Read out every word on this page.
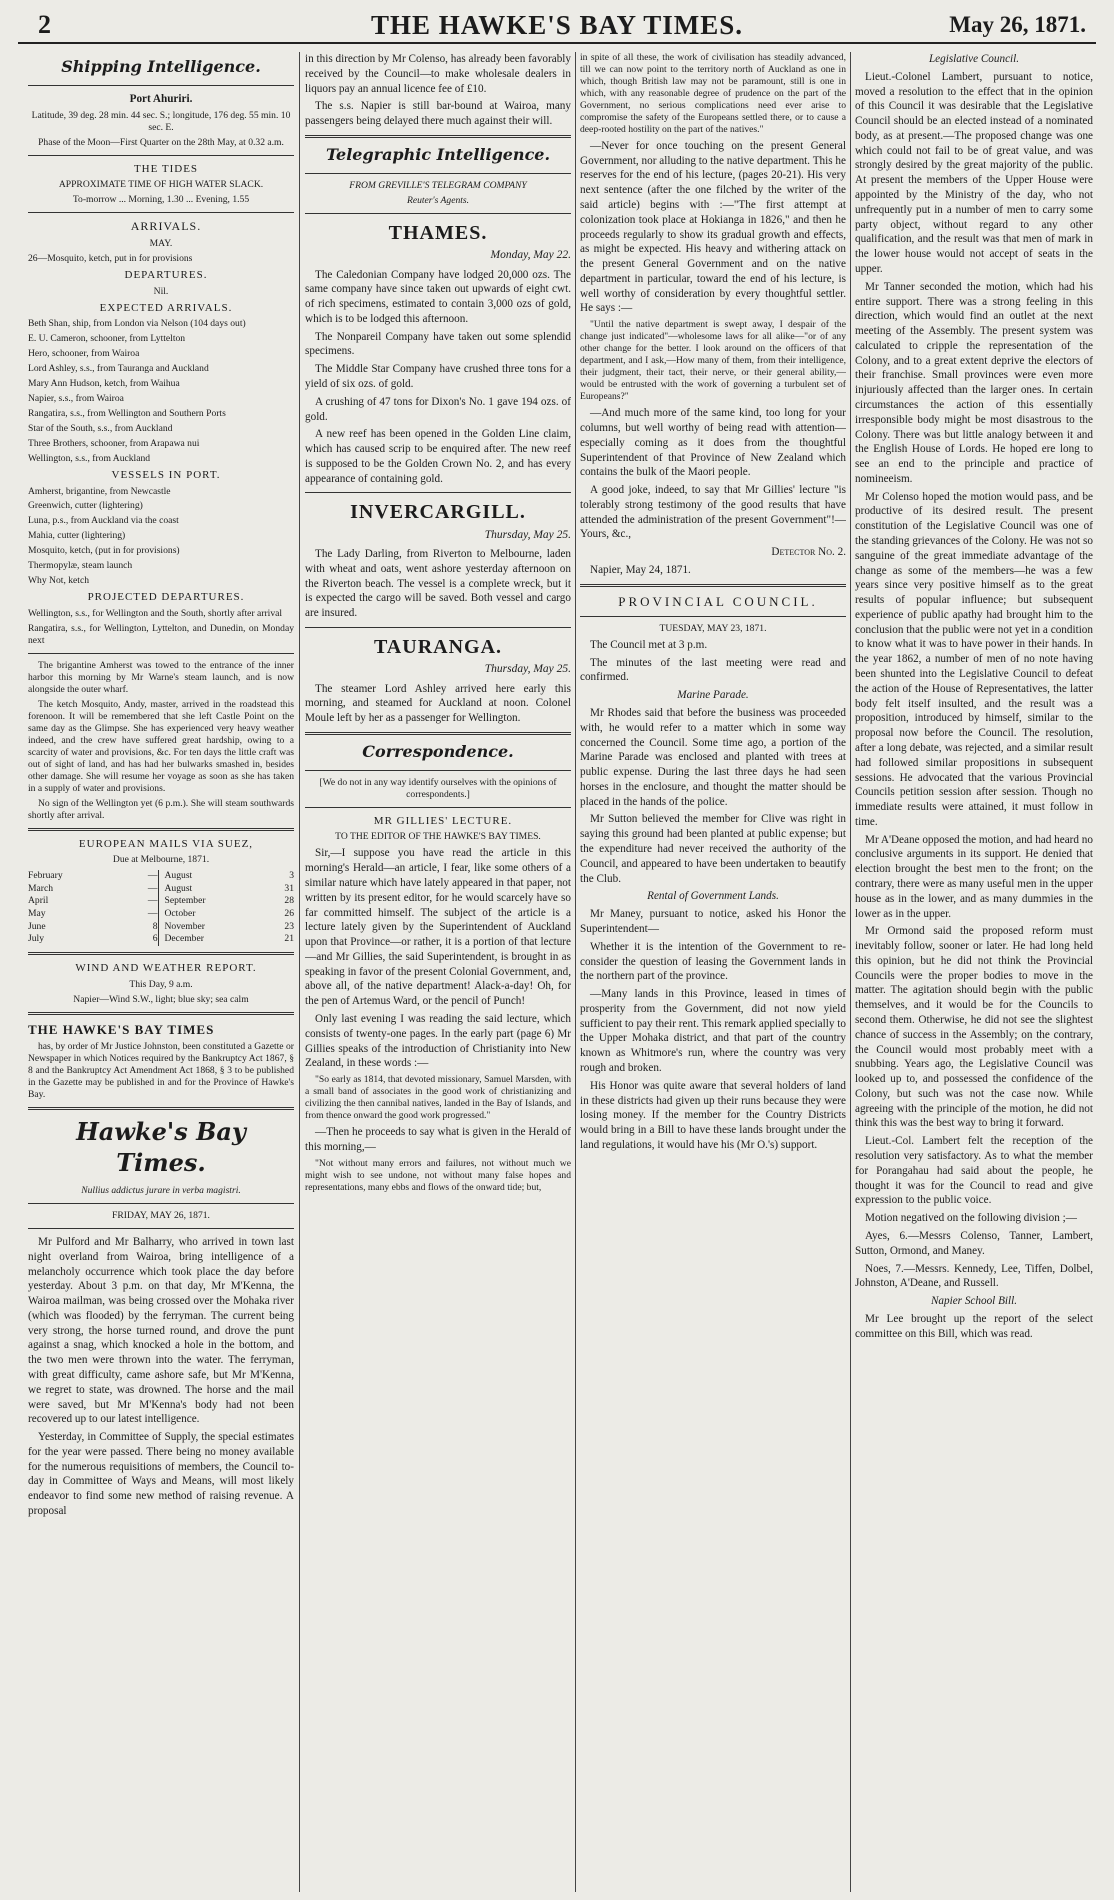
2	THE HAWKE'S BAY TIMES.	May 26, 1871.
Shipping Intelligence.

Port Ahuriri.

Latitude, 39 deg. 28 min. 44 sec. S.; longitude, 176 deg. 55 min. 10 sec. E.

Phase of the Moon—First Quarter on the 28th May, at 0.32 a.m.

THE TIDES

APPROXIMATE TIME OF HIGH WATER SLACK.

To-morrow ... Morning, 1.30 ... Evening, 1.55

ARRIVALS.

MAY.

26—Mosquito, ketch, put in for provisions

DEPARTURES.

Nil.

EXPECTED ARRIVALS.

Beth Shan, ship, from London via Nelson (104 days out)

E. U. Cameron, schooner, from Lyttelton

Hero, schooner, from Wairoa

Lord Ashley, s.s., from Tauranga and Auckland

Mary Ann Hudson, ketch, from Waihua

Napier, s.s., from Wairoa

Rangatira, s.s., from Wellington and Southern Ports

Star of the South, s.s., from Auckland

Three Brothers, schooner, from Arapawa nui

Wellington, s.s., from Auckland

VESSELS IN PORT.

Amherst, brigantine, from Newcastle

Greenwich, cutter (lightering)

Luna, p.s., from Auckland via the coast

Mahia, cutter (lightering)

Mosquito, ketch, (put in for provisions)

Thermopylæ, steam launch

Why Not, ketch

PROJECTED DEPARTURES.

Wellington, s.s., for Wellington and the South, shortly after arrival

Rangatira, s.s., for Wellington, Lyttelton, and Dunedin, on Monday next

The brigantine Amherst was towed to the entrance of the inner harbor this morning by Mr Warne's steam launch, and is now alongside the outer wharf.

The ketch Mosquito, Andy, master, arrived in the roadstead this forenoon. It will be remembered that she left Castle Point on the same day as the Glimpse. She has experienced very heavy weather indeed, and the crew have suffered great hardship, owing to a scarcity of water and provisions, &c. For ten days the little craft was out of sight of land, and has had her bulwarks smashed in, besides other damage. She will resume her voyage as soon as she has taken in a supply of water and provisions.

No sign of the Wellington yet (6 p.m.). She will steam southwards shortly after arrival.

EUROPEAN MAILS VIA SUEZ,

Due at Melbourne, 1871.

February	—
March	—
April	—
May	—
June	8
July	6
August	3
August	31
September	28
October	26
November	23
December	21

WIND AND WEATHER REPORT.

This Day, 9 a.m.

Napier—Wind S.W., light; blue sky; sea calm

THE HAWKE'S BAY TIMES

has, by order of Mr Justice Johnston, been constituted a Gazette or Newspaper in which Notices required by the Bankruptcy Act 1867, § 8 and the Bankruptcy Act Amendment Act 1868, § 3 to be published in the Gazette may be published in and for the Province of Hawke's Bay.

Hawke's Bay Times.

Nullius addictus jurare in verba magistri.

FRIDAY, MAY 26, 1871.

Mr Pulford and Mr Balharry, who arrived in town last night overland from Wairoa, bring intelligence of a melancholy occurrence which took place the day before yesterday. About 3 p.m. on that day, Mr M'Kenna, the Wairoa mailman, was being crossed over the Mohaka river (which was flooded) by the ferryman. The current being very strong, the horse turned round, and drove the punt against a snag, which knocked a hole in the bottom, and the two men were thrown into the water. The ferryman, with great difficulty, came ashore safe, but Mr M'Kenna, we regret to state, was drowned. The horse and the mail were saved, but Mr M'Kenna's body had not been recovered up to our latest intelligence.

Yesterday, in Committee of Supply, the special estimates for the year were passed. There being no money available for the numerous requisitions of members, the Council to-day in Committee of Ways and Means, will most likely endeavor to find some new method of raising revenue. A proposal

in this direction by Mr Colenso, has already been favorably received by the Council—to make wholesale dealers in liquors pay an annual licence fee of £10.

The s.s. Napier is still bar-bound at Wairoa, many passengers being delayed there much against their will.

Telegraphic Intelligence.

FROM GREVILLE'S TELEGRAM COMPANY

Reuter's Agents.

THAMES.
Monday, May 22.

The Caledonian Company have lodged 20,000 ozs. The same company have since taken out upwards of eight cwt. of rich specimens, estimated to contain 3,000 ozs of gold, which is to be lodged this afternoon.

The Nonpareil Company have taken out some splendid specimens.

The Middle Star Company have crushed three tons for a yield of six ozs. of gold.

A crushing of 47 tons for Dixon's No. 1 gave 194 ozs. of gold.

A new reef has been opened in the Golden Line claim, which has caused scrip to be enquired after. The new reef is supposed to be the Golden Crown No. 2, and has every appearance of containing gold.

INVERCARGILL.
Thursday, May 25.

The Lady Darling, from Riverton to Melbourne, laden with wheat and oats, went ashore yesterday afternoon on the Riverton beach. The vessel is a complete wreck, but it is expected the cargo will be saved. Both vessel and cargo are insured.

TAURANGA.
Thursday, May 25.

The steamer Lord Ashley arrived here early this morning, and steamed for Auckland at noon. Colonel Moule left by her as a passenger for Wellington.

Correspondence.

[We do not in any way identify ourselves with the opinions of correspondents.]

MR GILLIES' LECTURE.

TO THE EDITOR OF THE HAWKE'S BAY TIMES.

Sir,—I suppose you have read the article in this morning's Herald—an article, I fear, like some others of a similar nature which have lately appeared in that paper, not written by its present editor, for he would scarcely have so far committed himself. The subject of the article is a lecture lately given by the Superintendent of Auckland upon that Province—or rather, it is a portion of that lecture—and Mr Gillies, the said Superintendent, is brought in as speaking in favor of the present Colonial Government, and, above all, of the native department! Alack-a-day! Oh, for the pen of Artemus Ward, or the pencil of Punch!

Only last evening I was reading the said lecture, which consists of twenty-one pages. In the early part (page 6) Mr Gillies speaks of the introduction of Christianity into New Zealand, in these words :—

"So early as 1814, that devoted missionary, Samuel Marsden, with a small band of associates in the good work of christianizing and civilizing the then cannibal natives, landed in the Bay of Islands, and from thence onward the good work progressed."

—Then he proceeds to say what is given in the Herald of this morning,—

"Not without many errors and failures, not without much we might wish to see undone, not without many false hopes and representations, many ebbs and flows of the onward tide; but,

in spite of all these, the work of civilisation has steadily advanced, till we can now point to the territory north of Auckland as one in which, though British law may not be paramount, still is one in which, with any reasonable degree of prudence on the part of the Government, no serious complications need ever arise to compromise the safety of the Europeans settled there, or to cause a deep-rooted hostility on the part of the natives."

—Never for once touching on the present General Government, nor alluding to the native department. This he reserves for the end of his lecture, (pages 20-21). His very next sentence (after the one filched by the writer of the said article) begins with :—"The first attempt at colonization took place at Hokianga in 1826," and then he proceeds regularly to show its gradual growth and effects, as might be expected. His heavy and withering attack on the present General Government and on the native department in particular, toward the end of his lecture, is well worthy of consideration by every thoughtful settler. He says :—

"Until the native department is swept away, I despair of the change just indicated"—wholesome laws for all alike—"or of any other change for the better. I look around on the officers of that department, and I ask,—How many of them, from their intelligence, their judgment, their tact, their nerve, or their general ability,—would be entrusted with the work of governing a turbulent set of Europeans?"

—And much more of the same kind, too long for your columns, but well worthy of being read with attention—especially coming as it does from the thoughtful Superintendent of that Province of New Zealand which contains the bulk of the Maori people.

A good joke, indeed, to say that Mr Gillies' lecture "is tolerably strong testimony of the good results that have attended the administration of the present Government"!—Yours, &c.,

Detector No. 2.

Napier, May 24, 1871.

PROVINCIAL COUNCIL.

TUESDAY, MAY 23, 1871.

The Council met at 3 p.m.

The minutes of the last meeting were read and confirmed.

Marine Parade.

Mr Rhodes said that before the business was proceeded with, he would refer to a matter which in some way concerned the Council. Some time ago, a portion of the Marine Parade was enclosed and planted with trees at public expense. During the last three days he had seen horses in the enclosure, and thought the matter should be placed in the hands of the police.

Mr Sutton believed the member for Clive was right in saying this ground had been planted at public expense; but the expenditure had never received the authority of the Council, and appeared to have been undertaken to beautify the Club.

Rental of Government Lands.

Mr Maney, pursuant to notice, asked his Honor the Superintendent—

Whether it is the intention of the Government to re-consider the question of leasing the Government lands in the northern part of the province.

—Many lands in this Province, leased in times of prosperity from the Government, did not now yield sufficient to pay their rent. This remark applied specially to the Upper Mohaka district, and that part of the country known as Whitmore's run, where the country was very rough and broken.

His Honor was quite aware that several holders of land in these districts had given up their runs because they were losing money. If the member for the Country Districts would bring in a Bill to have these lands brought under the land regulations, it would have his (Mr O.'s) support.

Legislative Council.

Lieut.-Colonel Lambert, pursuant to notice, moved a resolution to the effect that in the opinion of this Council it was desirable that the Legislative Council should be an elected instead of a nominated body, as at present.—The proposed change was one which could not fail to be of great value, and was strongly desired by the great majority of the public. At present the members of the Upper House were appointed by the Ministry of the day, who not unfrequently put in a number of men to carry some party object, without regard to any other qualification, and the result was that men of mark in the lower house would not accept of seats in the upper.

Mr Tanner seconded the motion, which had his entire support. There was a strong feeling in this direction, which would find an outlet at the next meeting of the Assembly. The present system was calculated to cripple the representation of the Colony, and to a great extent deprive the electors of their franchise. Small provinces were even more injuriously affected than the larger ones. In certain circumstances the action of this essentially irresponsible body might be most disastrous to the Colony. There was but little analogy between it and the English House of Lords. He hoped ere long to see an end to the principle and practice of nomineeism.

Mr Colenso hoped the motion would pass, and be productive of its desired result. The present constitution of the Legislative Council was one of the standing grievances of the Colony. He was not so sanguine of the great immediate advantage of the change as some of the members—he was a few years since very positive himself as to the great results of popular influence; but subsequent experience of public apathy had brought him to the conclusion that the public were not yet in a condition to know what it was to have power in their hands. In the year 1862, a number of men of no note having been shunted into the Legislative Council to defeat the action of the House of Representatives, the latter body felt itself insulted, and the result was a proposition, introduced by himself, similar to the proposal now before the Council. The resolution, after a long debate, was rejected, and a similar result had followed similar propositions in subsequent sessions. He advocated that the various Provincial Councils petition session after session. Though no immediate results were attained, it must follow in time.

Mr A'Deane opposed the motion, and had heard no conclusive arguments in its support. He denied that election brought the best men to the front; on the contrary, there were as many useful men in the upper house as in the lower, and as many dummies in the lower as in the upper.

Mr Ormond said the proposed reform must inevitably follow, sooner or later. He had long held this opinion, but he did not think the Provincial Councils were the proper bodies to move in the matter. The agitation should begin with the public themselves, and it would be for the Councils to second them. Otherwise, he did not see the slightest chance of success in the Assembly; on the contrary, the Council would most probably meet with a snubbing. Years ago, the Legislative Council was looked up to, and possessed the confidence of the Colony, but such was not the case now. While agreeing with the principle of the motion, he did not think this was the best way to bring it forward.

Lieut.-Col. Lambert felt the reception of the resolution very satisfactory. As to what the member for Porangahau had said about the people, he thought it was for the Council to read and give expression to the public voice.

Motion negatived on the following division ;—

Ayes, 6.—Messrs Colenso, Tanner, Lambert, Sutton, Ormond, and Maney.

Noes, 7.—Messrs. Kennedy, Lee, Tiffen, Dolbel, Johnston, A'Deane, and Russell.

Napier School Bill.

Mr Lee brought up the report of the select committee on this Bill, which was read.
